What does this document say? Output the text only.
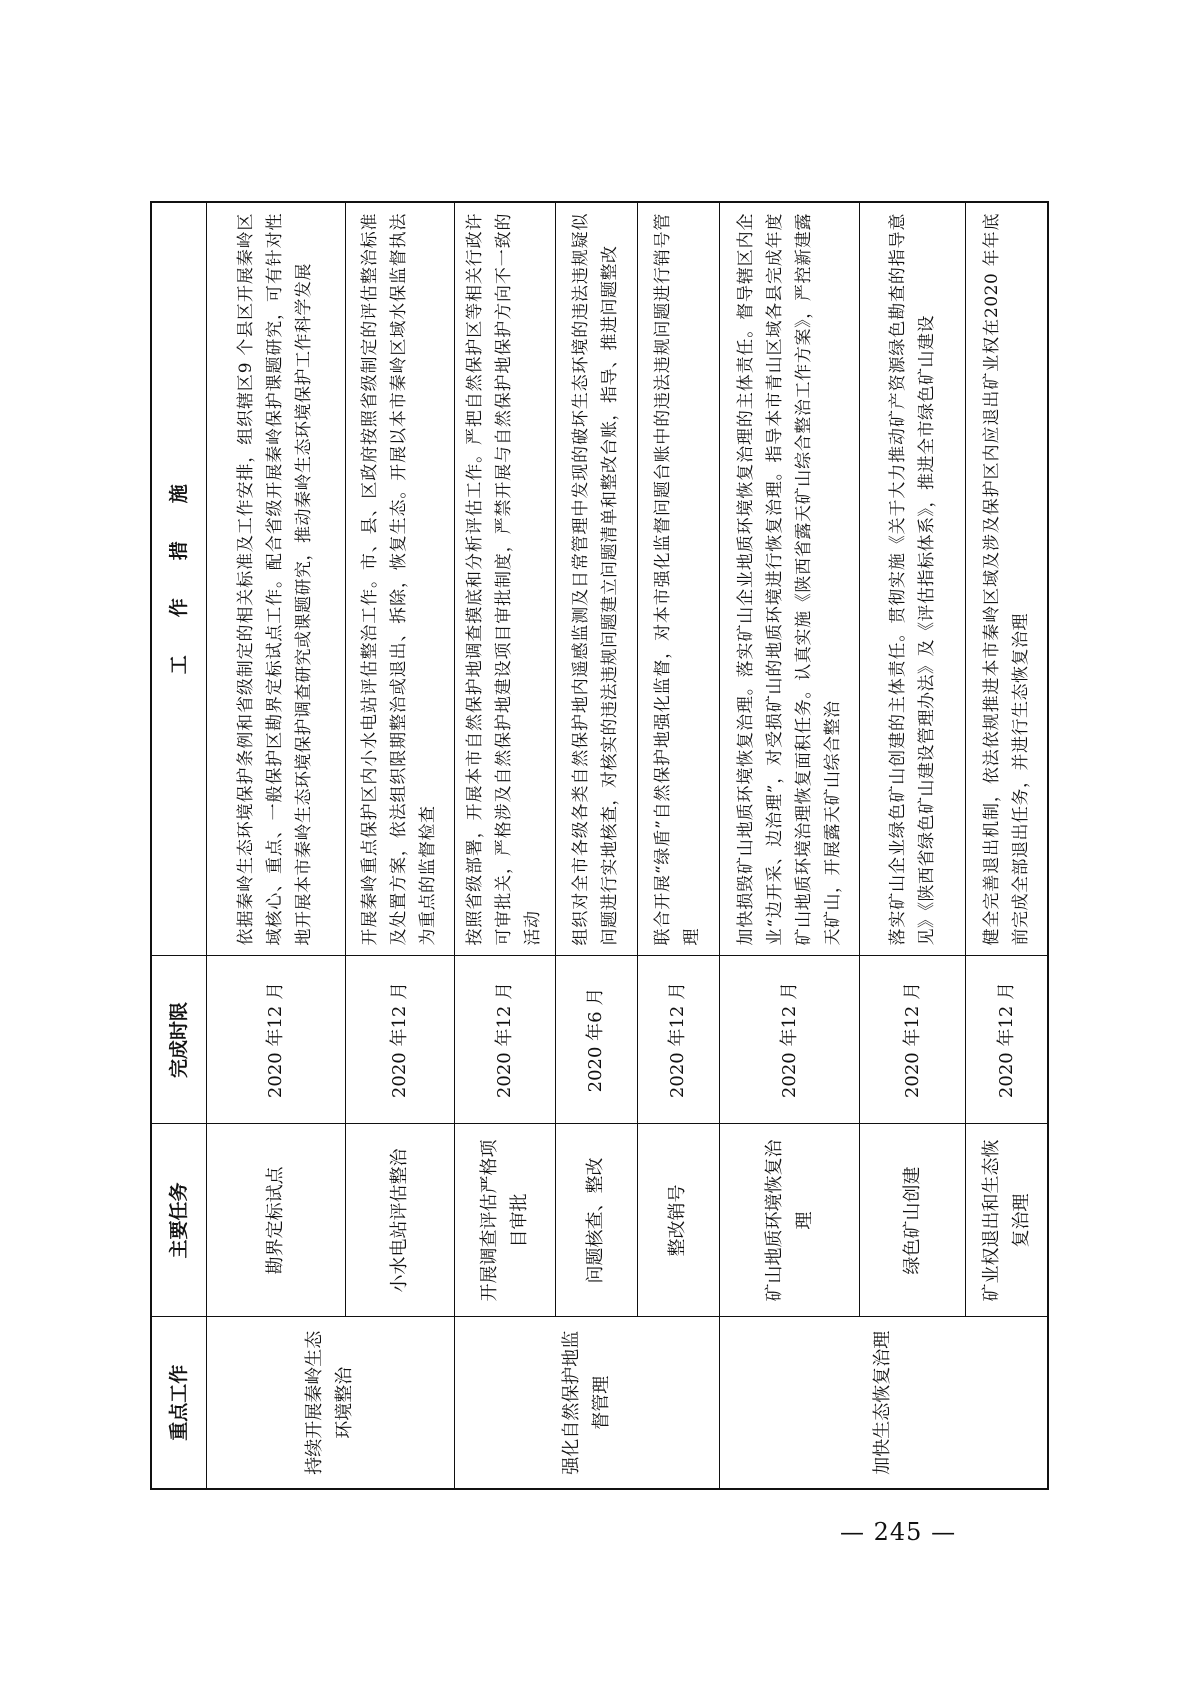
重点工作	主要任务	完成时限	工　　作　　措　　施
持续开展秦岭生态环境整治	勘界定标试点	2020 年12 月	依据秦岭生态环境保护条例和省级制定的相关标准及工作安排，组织辖区9 个县区开展秦岭区域核心、重点、一般保护区勘界定标试点工作。配合省级开展秦岭保护课题研究，可有针对性地开展本市秦岭生态环境保护调查研究或课题研究，推动秦岭生态环境保护工作科学发展
	小水电站评估整治	2020 年12 月	开展秦岭重点保护区内小水电站评估整治工作。市、县、区政府按照省级制定的评估整治标准及处置方案，依法组织限期整治或退出、拆除，恢复生态。开展以本市秦岭区域水保监督执法为重点的监督检查
强化自然保护地监督管理	开展调查评估严格项目审批	2020 年12 月	按照省级部署，开展本市自然保护地调查摸底和分析评估工作。严把自然保护区等相关行政许可审批关，严格涉及自然保护地建设项目审批制度，严禁开展与自然保护地保护方向不一致的活动
	问题核查、整改	2020 年6 月	组织对全市各级各类自然保护地内遥感监测及日常管理中发现的破坏生态环境的违法违规疑似问题进行实地核查，对核实的违法违规问题建立问题清单和整改台账，指导、推进问题整改
	整改销号	2020 年12 月	联合开展“绿盾”自然保护地强化监督，对本市强化监督问题台账中的违法违规问题进行销号管理
加快生态恢复治理	矿山地质环境恢复治理	2020 年12 月	加快损毁矿山地质环境恢复治理。落实矿山企业地质环境恢复治理的主体责任。督导辖区内企业“边开采、边治理”，对受损矿山的地质环境进行恢复治理。指导本市青山区域各县完成年度矿山地质环境治理恢复面积任务。认真实施《陕西省露天矿山综合整治工作方案》，严控新建露天矿山，开展露天矿山综合整治
	绿色矿山创建	2020 年12 月	落实矿山企业绿色矿山创建的主体责任。贯彻实施《关于大力推动矿产资源绿色勘查的指导意见》《陕西省绿色矿山建设管理办法》及《评估指标体系》，推进全市绿色矿山建设
	矿业权退出和生态恢复治理	2020 年12 月	健全完善退出机制，依法依规推进本市秦岭区域及涉及保护区内应退出矿业权在2020 年年底前完成全部退出任务，并进行生态恢复治理
— 245 —
